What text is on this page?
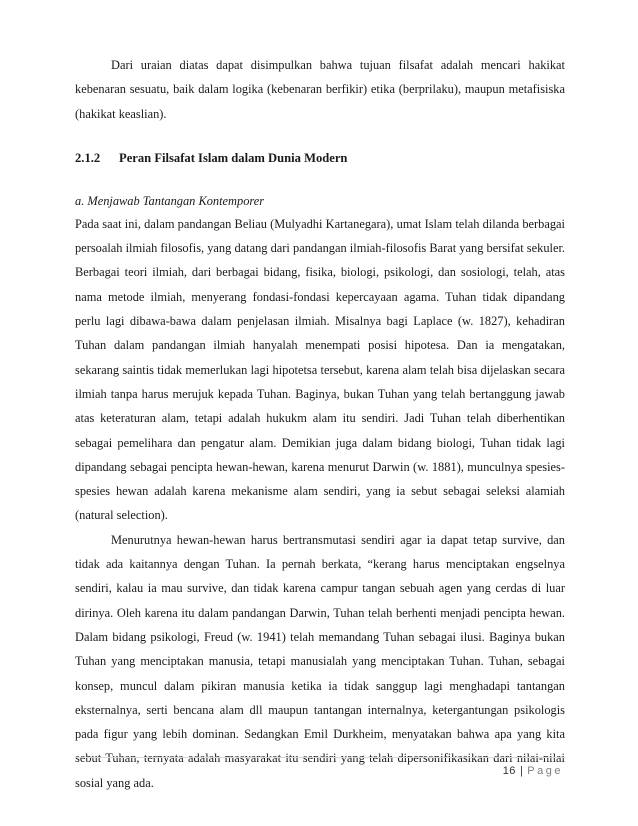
Dari uraian diatas dapat disimpulkan bahwa tujuan filsafat adalah mencari hakikat kebenaran sesuatu, baik dalam logika (kebenaran berfikir) etika (berprilaku), maupun metafisiska (hakikat keaslian).

2.1.2 Peran Filsafat Islam dalam Dunia Modern
a. Menjawab Tantangan Kontemporer

Pada saat ini, dalam pandangan Beliau (Mulyadhi Kartanegara), umat Islam telah dilanda berbagai persoalah ilmiah filosofis, yang datang dari pandangan ilmiah-filosofis Barat yang bersifat sekuler. Berbagai teori ilmiah, dari berbagai bidang, fisika, biologi, psikologi, dan sosiologi, telah, atas nama metode ilmiah, menyerang fondasi-fondasi kepercayaan agama. Tuhan tidak dipandang perlu lagi dibawa-bawa dalam penjelasan ilmiah. Misalnya bagi Laplace (w. 1827), kehadiran Tuhan dalam pandangan ilmiah hanyalah menempati posisi hipotesa. Dan ia mengatakan, sekarang saintis tidak memerlukan lagi hipotetsa tersebut, karena alam telah bisa dijelaskan secara ilmiah tanpa harus merujuk kepada Tuhan. Baginya, bukan Tuhan yang telah bertanggung jawab atas keteraturan alam, tetapi adalah hukukm alam itu sendiri. Jadi Tuhan telah diberhentikan sebagai pemelihara dan pengatur alam. Demikian juga dalam bidang biologi, Tuhan tidak lagi dipandang sebagai pencipta hewan-hewan, karena menurut Darwin (w. 1881), munculnya spesies-spesies hewan adalah karena mekanisme alam sendiri, yang ia sebut sebagai seleksi alamiah (natural selection).

Menurutnya hewan-hewan harus bertransmutasi sendiri agar ia dapat tetap survive, dan tidak ada kaitannya dengan Tuhan. Ia pernah berkata, “kerang harus menciptakan engselnya sendiri, kalau ia mau survive, dan tidak karena campur tangan sebuah agen yang cerdas di luar dirinya. Oleh karena itu dalam pandangan Darwin, Tuhan telah berhenti menjadi pencipta hewan. Dalam bidang psikologi, Freud (w. 1941) telah memandang Tuhan sebagai ilusi. Baginya bukan Tuhan yang menciptakan manusia, tetapi manusialah yang menciptakan Tuhan. Tuhan, sebagai konsep, muncul dalam pikiran manusia ketika ia tidak sanggup lagi menghadapi tantangan eksternalnya, serti bencana alam dll maupun tantangan internalnya, ketergantungan psikologis pada figur yang lebih dominan. Sedangkan Emil Durkheim, menyatakan bahwa apa yang kita sebut Tuhan, ternyata adalah masyarakat itu sendiri yang telah dipersonifikasikan dari nilai-nilai sosial yang ada.

16 | Page
